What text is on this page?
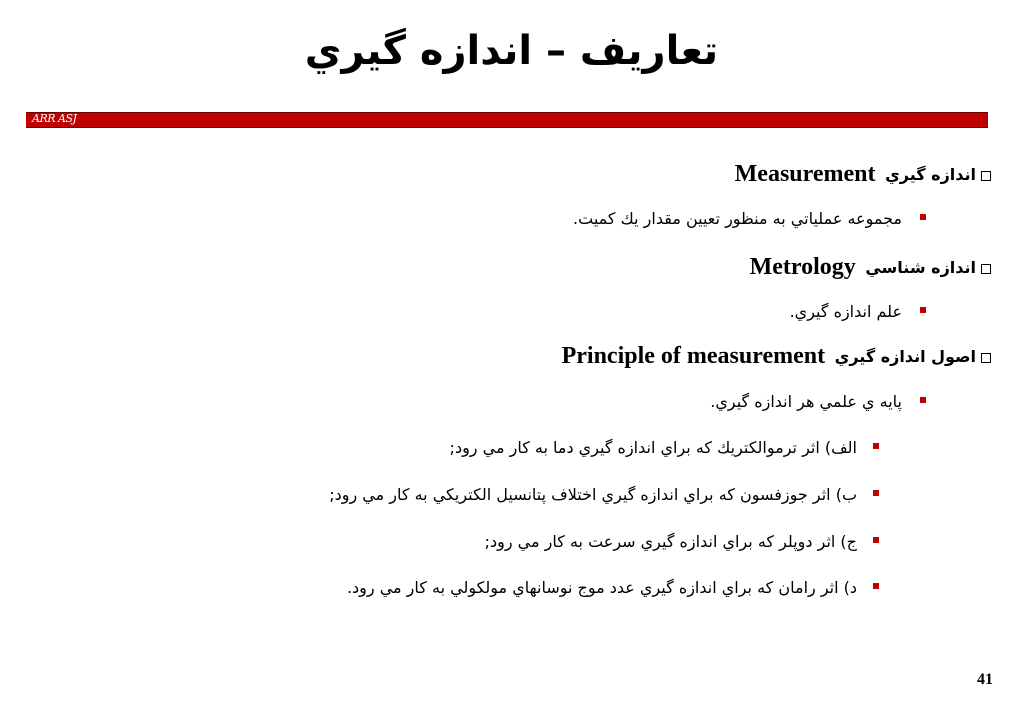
تعاريف – اندازه گيري
ARR ASJ
اندازه گيري Measurement
مجموعه عملياتي به منظور تعيين مقدار يك كميت.
اندازه شناسي Metrology
علم اندازه گيري.
اصول اندازه گيري Principle of measurement
پايه ي علمي هر اندازه گيري.
الف) اثر ترموالكتريك كه براي اندازه گيري دما به كار مي رود;
ب) اثر جوزفسون كه براي اندازه گيري اختلاف پتانسيل الكتريكي به كار مي رود;
ج) اثر دوپلر كه براي اندازه گيري سرعت به كار مي رود;
د) اثر رامان كه براي اندازه گيري عدد موج نوسانهاي مولكولي به كار مي رود.
41
